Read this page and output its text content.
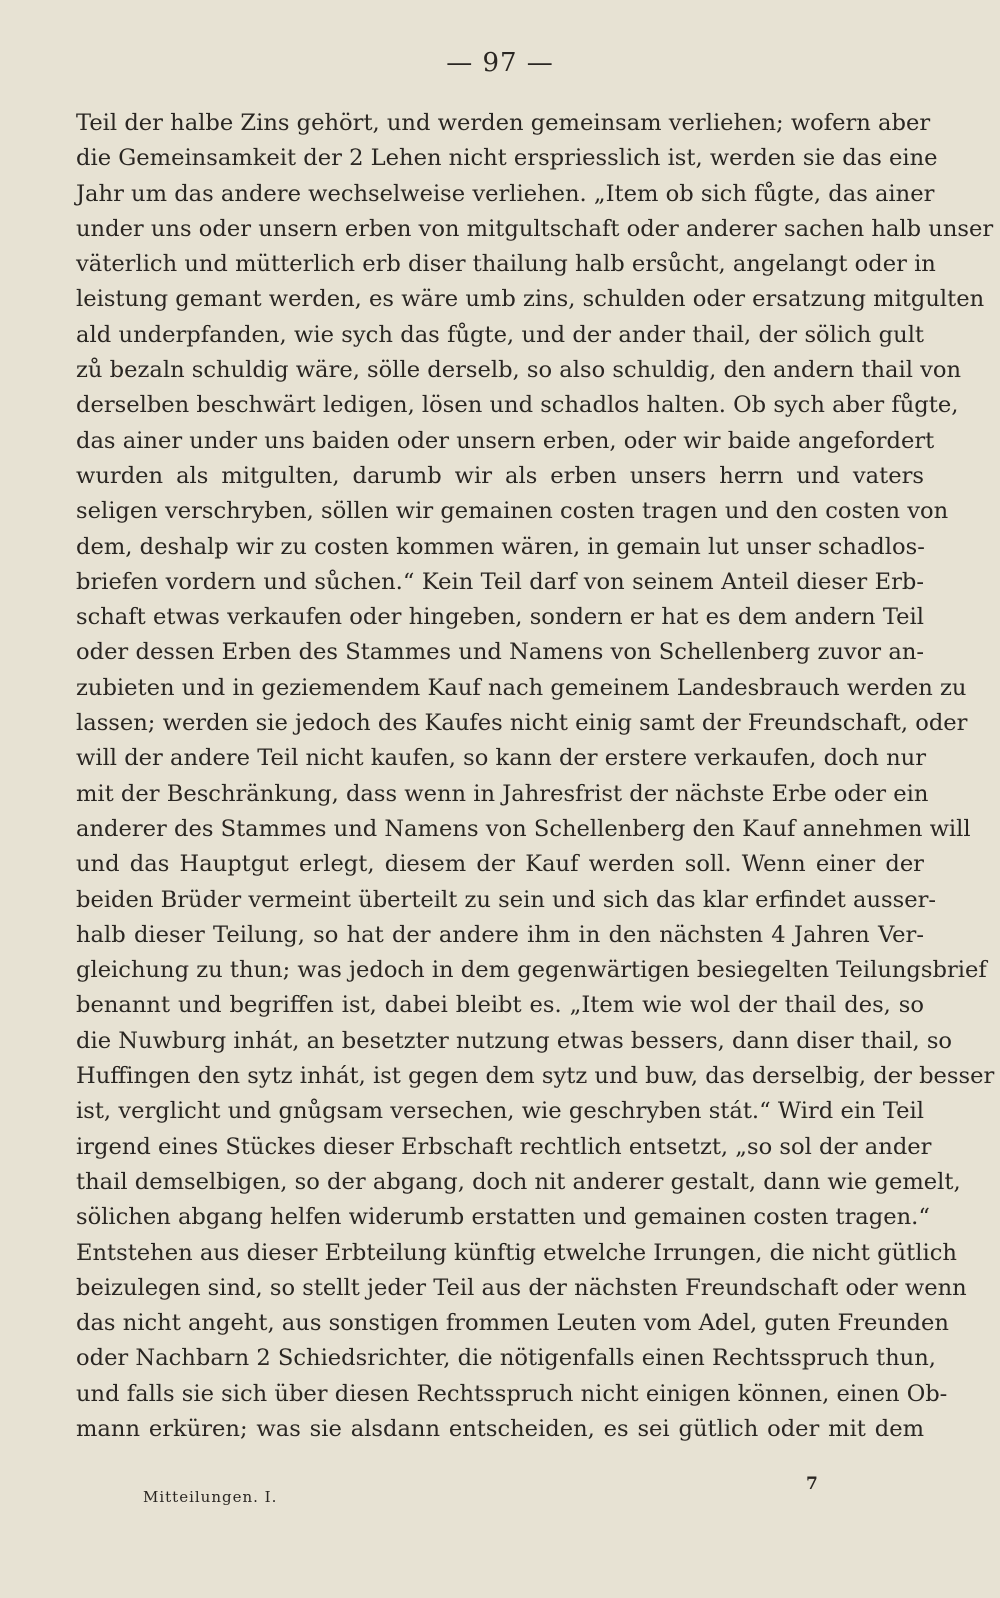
— 97 —
Teil der halbe Zins gehört, und werden gemeinsam verliehen; wofern aber
die Gemeinsamkeit der 2 Lehen nicht erspriesslich ist, werden sie das eine
Jahr um das andere wechselweise verliehen. „Item ob sich fůgte, das ainer
under uns oder unsern erben von mitgultschaft oder anderer sachen halb unser
väterlich und mütterlich erb diser thailung halb ersůcht, angelangt oder in
leistung gemant werden, es wäre umb zins, schulden oder ersatzung mitgulten
ald underpfanden, wie sych das fůgte, und der ander thail, der sölich gult
zů bezaln schuldig wäre, sölle derselb, so also schuldig, den andern thail von
derselben beschwärt ledigen, lösen und schadlos halten. Ob sych aber fůgte,
das ainer under uns baiden oder unsern erben, oder wir baide angefordert
wurden als mitgulten, darumb wir als erben unsers herrn und vaters
seligen verschryben, söllen wir gemainen costen tragen und den costen von
dem, deshalp wir zu costen kommen wären, in gemain lut unser schadlos-
briefen vordern und sůchen.“ Kein Teil darf von seinem Anteil dieser Erb-
schaft etwas verkaufen oder hingeben, sondern er hat es dem andern Teil
oder dessen Erben des Stammes und Namens von Schellenberg zuvor an-
zubieten und in geziemendem Kauf nach gemeinem Landesbrauch werden zu
lassen; werden sie jedoch des Kaufes nicht einig samt der Freundschaft, oder
will der andere Teil nicht kaufen, so kann der erstere verkaufen, doch nur
mit der Beschränkung, dass wenn in Jahresfrist der nächste Erbe oder ein
anderer des Stammes und Namens von Schellenberg den Kauf annehmen will
und das Hauptgut erlegt, diesem der Kauf werden soll. Wenn einer der
beiden Brüder vermeint überteilt zu sein und sich das klar erfindet ausser-
halb dieser Teilung, so hat der andere ihm in den nächsten 4 Jahren Ver-
gleichung zu thun; was jedoch in dem gegenwärtigen besiegelten Teilungsbrief
benannt und begriffen ist, dabei bleibt es. „Item wie wol der thail des, so
die Nuwburg inhát, an besetzter nutzung etwas bessers, dann diser thail, so
Huffingen den sytz inhát, ist gegen dem sytz und buw, das derselbig, der besser
ist, verglicht und gnůgsam versechen, wie geschryben stát.“ Wird ein Teil
irgend eines Stückes dieser Erbschaft rechtlich entsetzt, „so sol der ander
thail demselbigen, so der abgang, doch nit anderer gestalt, dann wie gemelt,
sölichen abgang helfen widerumb erstatten und gemainen costen tragen.“
Entstehen aus dieser Erbteilung künftig etwelche Irrungen, die nicht gütlich
beizulegen sind, so stellt jeder Teil aus der nächsten Freundschaft oder wenn
das nicht angeht, aus sonstigen frommen Leuten vom Adel, guten Freunden
oder Nachbarn 2 Schiedsrichter, die nötigenfalls einen Rechtsspruch thun,
und falls sie sich über diesen Rechtsspruch nicht einigen können, einen Ob-
mann erküren; was sie alsdann entscheiden, es sei gütlich oder mit dem
Mitteilungen. I.
7
